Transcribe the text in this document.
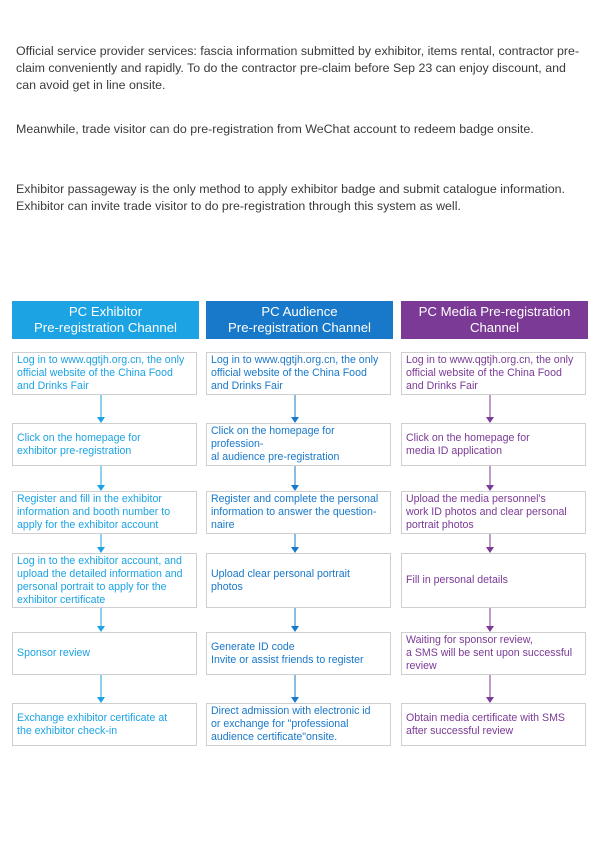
Official service provider services: fascia information submitted by exhibitor, items rental, contractor pre-claim conveniently and rapidly. To do the contractor pre-claim before Sep 23 can enjoy discount, and can avoid get in line onsite.

Meanwhile, trade visitor can do pre-registration from WeChat account to redeem badge onsite.

Exhibitor passageway is the only method to apply exhibitor badge and submit catalogue information. Exhibitor can invite trade visitor to do pre-registration through this system as well.

PC Exhibitor
Pre-registration Channel
Log in to www.qgtjh.org.cn, the only
official website of the China Food
and Drinks Fair
Click on the homepage for
exhibitor pre-registration
Register and fill in the exhibitor
information and booth number to
apply for the exhibitor account
Log in to the exhibitor account, and
upload the detailed information and
personal portrait to apply for the
exhibitor certificate
Sponsor review
Exchange exhibitor certificate at
the exhibitor check-in
PC Audience
Pre-registration Channel
Log in to www.qgtjh.org.cn, the only
official website of the China Food
and Drinks Fair
Click on the homepage for profession-
al audience pre-registration
Register and complete the personal
information to answer the question-
naire
Upload clear personal portrait
photos
Generate ID code
Invite or assist friends to register
Direct admission with electronic id
or exchange for "professional
audience certificate"onsite.
PC Media Pre-registration
Channel
Log in to www.qgtjh.org.cn, the only
official website of the China Food
and Drinks Fair
Click on the homepage for
media ID application
Upload the media personnel's
work ID photos and clear personal
portrait photos
Fill in personal details
Waiting for sponsor review,
a SMS will be sent upon successful
review
Obtain media certificate with SMS
after successful review
